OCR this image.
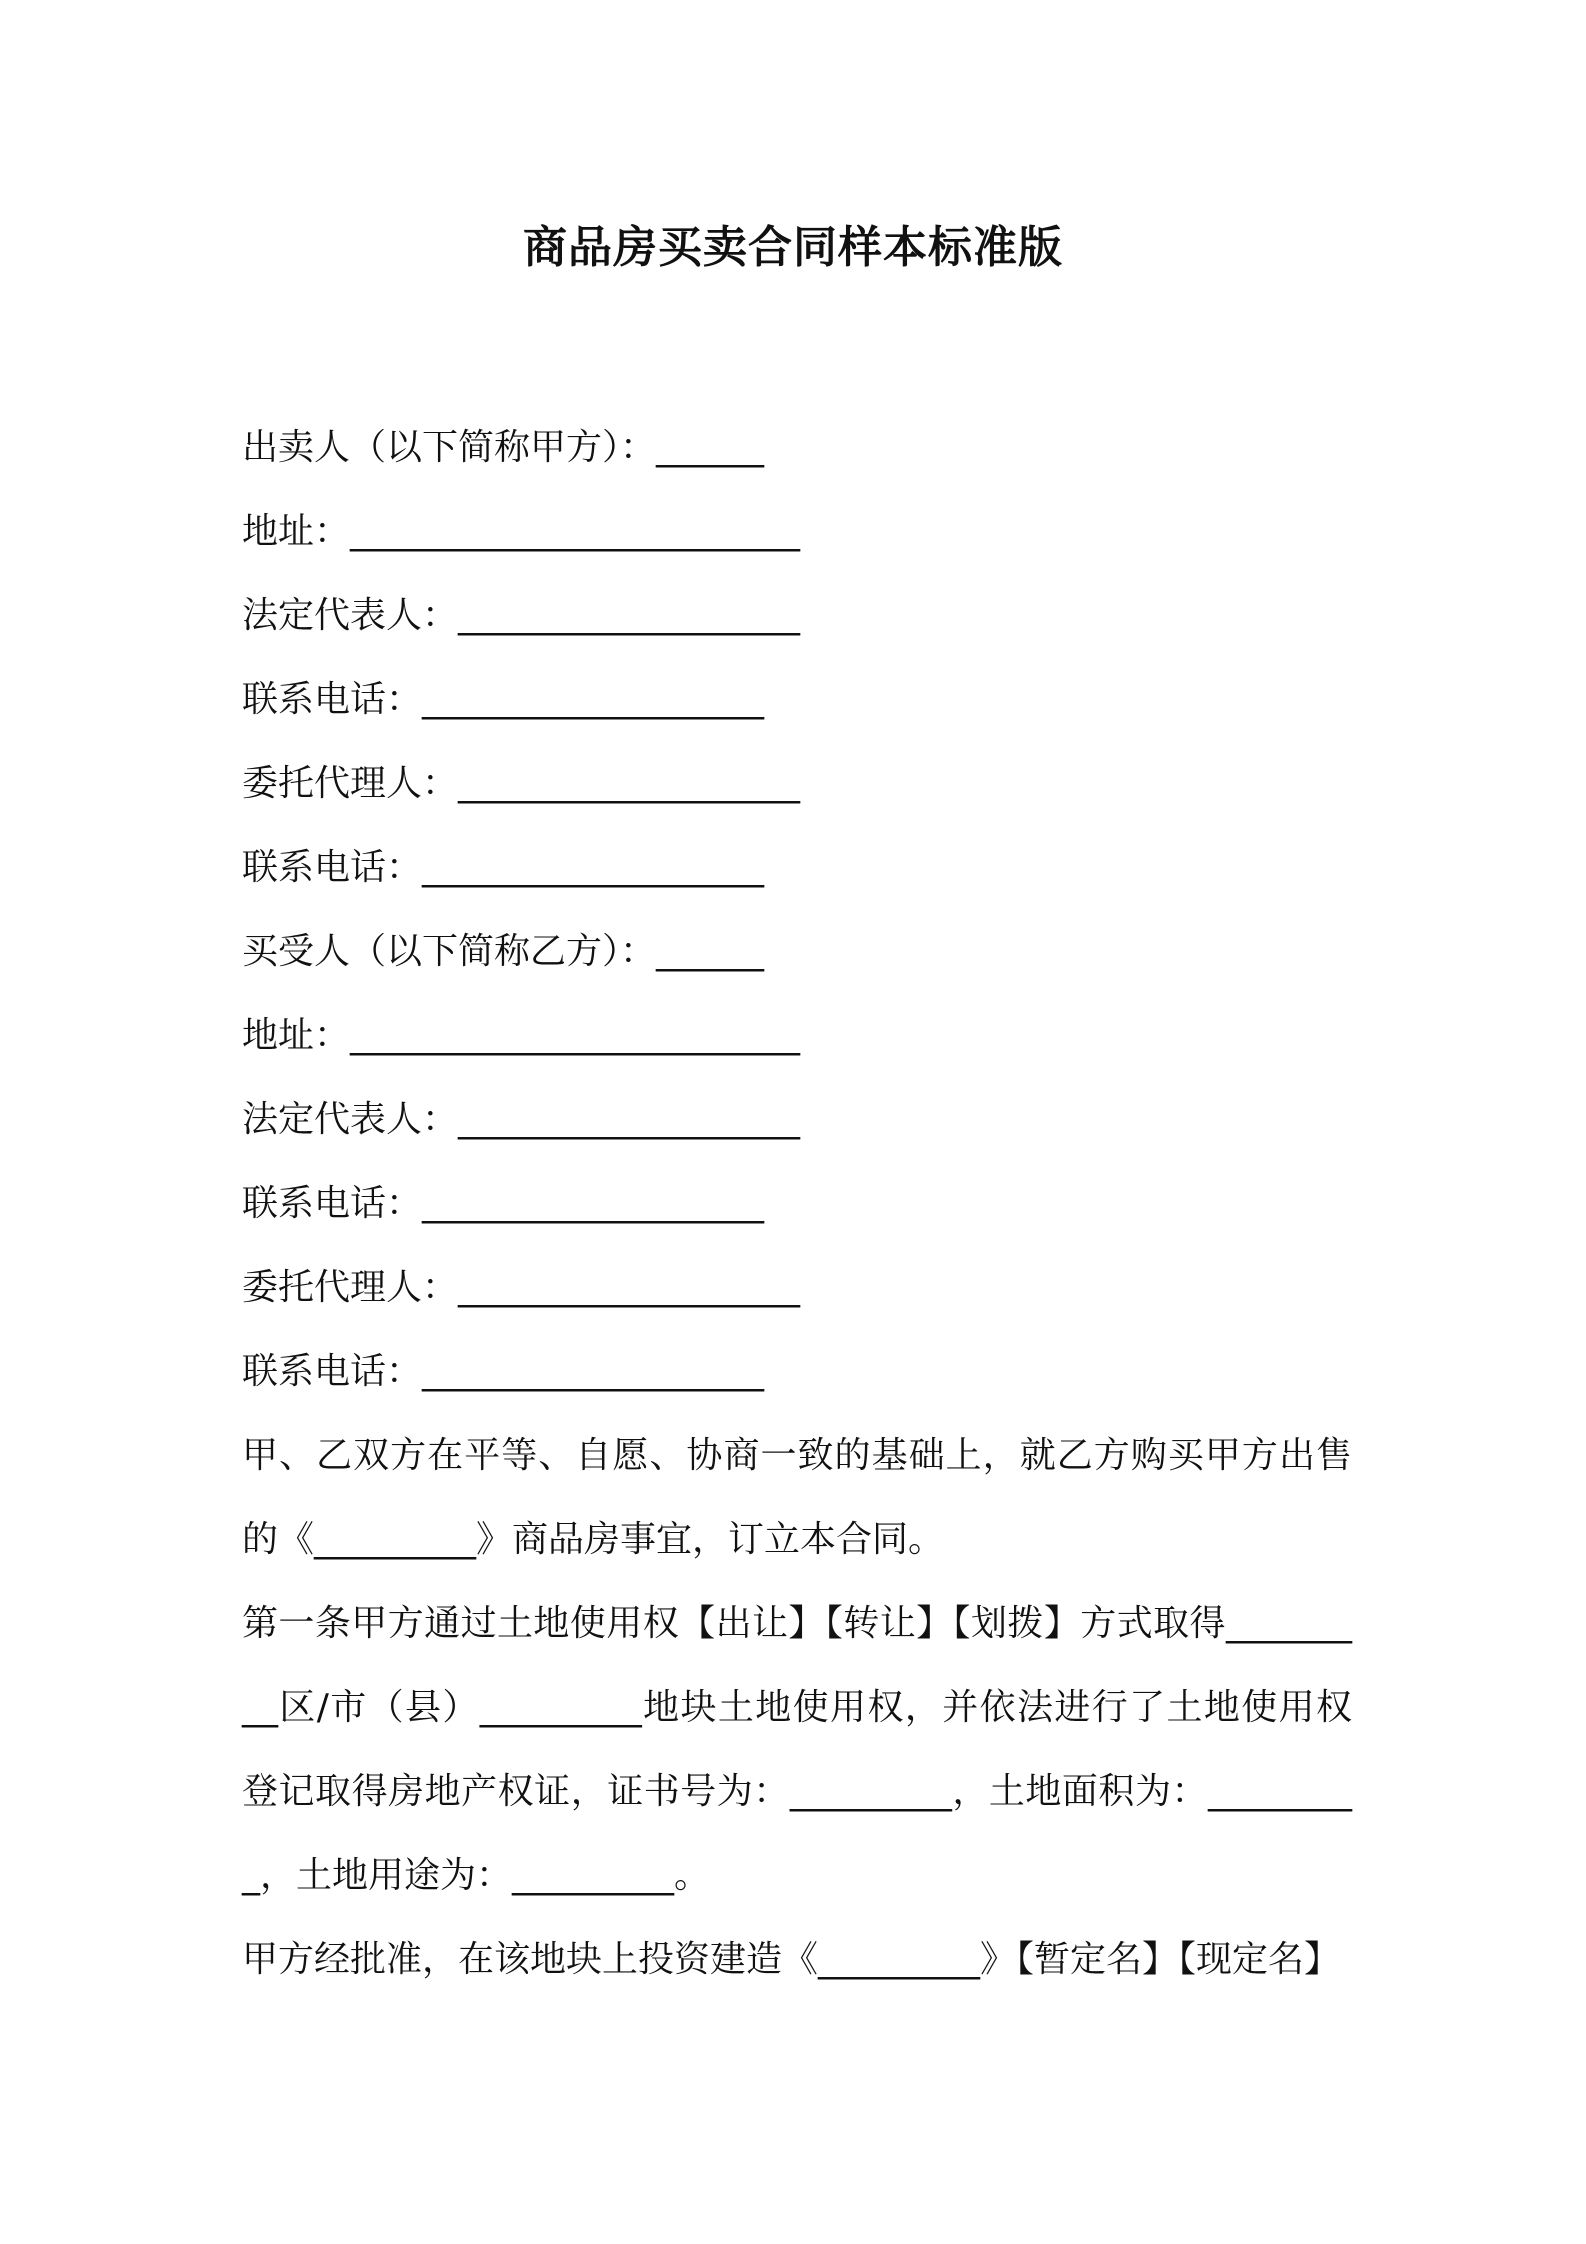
商品房买卖合同样本标准版
出卖人（以下简称甲方）：______
地址：_________________________
法定代表人：___________________
联系电话：___________________
委托代理人：___________________
联系电话：___________________
买受人（以下简称乙方）：______
地址：_________________________
法定代表人：___________________
联系电话：___________________
委托代理人：___________________
联系电话：___________________
甲、乙双方在平等、自愿、协商一致的基础上，就乙方购买甲方出售的《_________》商品房事宜，订立本合同。
第一条甲方通过土地使用权【出让】【转让】【划拨】方式取得_________区/市（县）_________地块土地使用权，并依法进行了土地使用权登记取得房地产权证，证书号为：_________，土地面积为：_________，土地用途为：_________。
甲方经批准，在该地块上投资建造《_________》【暂定名】【现定名】
